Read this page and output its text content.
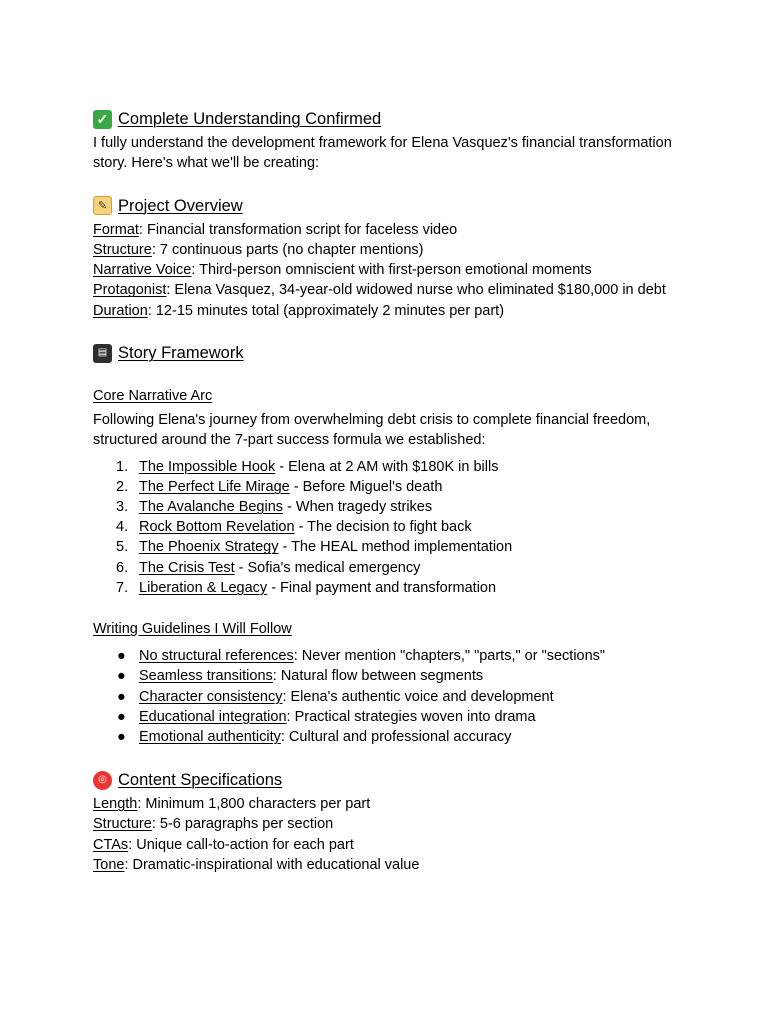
✓ Complete Understanding Confirmed

I fully understand the development framework for Elena Vasquez's financial transformation story. Here's what we'll be creating:

✎ Project Overview

Format: Financial transformation script for faceless video

Structure: 7 continuous parts (no chapter mentions)

Narrative Voice: Third-person omniscient with first-person emotional moments

Protagonist: Elena Vasquez, 34-year-old widowed nurse who eliminated $180,000 in debt

Duration: 12-15 minutes total (approximately 2 minutes per part)

▤ Story Framework

Core Narrative Arc

Following Elena's journey from overwhelming debt crisis to complete financial freedom, structured around the 7-part success formula we established:

1. The Impossible Hook - Elena at 2 AM with $180K in bills
2. The Perfect Life Mirage - Before Miguel's death
3. The Avalanche Begins - When tragedy strikes
4. Rock Bottom Revelation - The decision to fight back
5. The Phoenix Strategy - The HEAL method implementation
6. The Crisis Test - Sofia's medical emergency
7. Liberation & Legacy - Final payment and transformation

Writing Guidelines I Will Follow

● No structural references: Never mention "chapters," "parts," or "sections"
● Seamless transitions: Natural flow between segments
● Character consistency: Elena's authentic voice and development
● Educational integration: Practical strategies woven into drama
● Emotional authenticity: Cultural and professional accuracy
◎ Content Specifications

Length: Minimum 1,800 characters per part

Structure: 5-6 paragraphs per section

CTAs: Unique call-to-action for each part

Tone: Dramatic-inspirational with educational value
